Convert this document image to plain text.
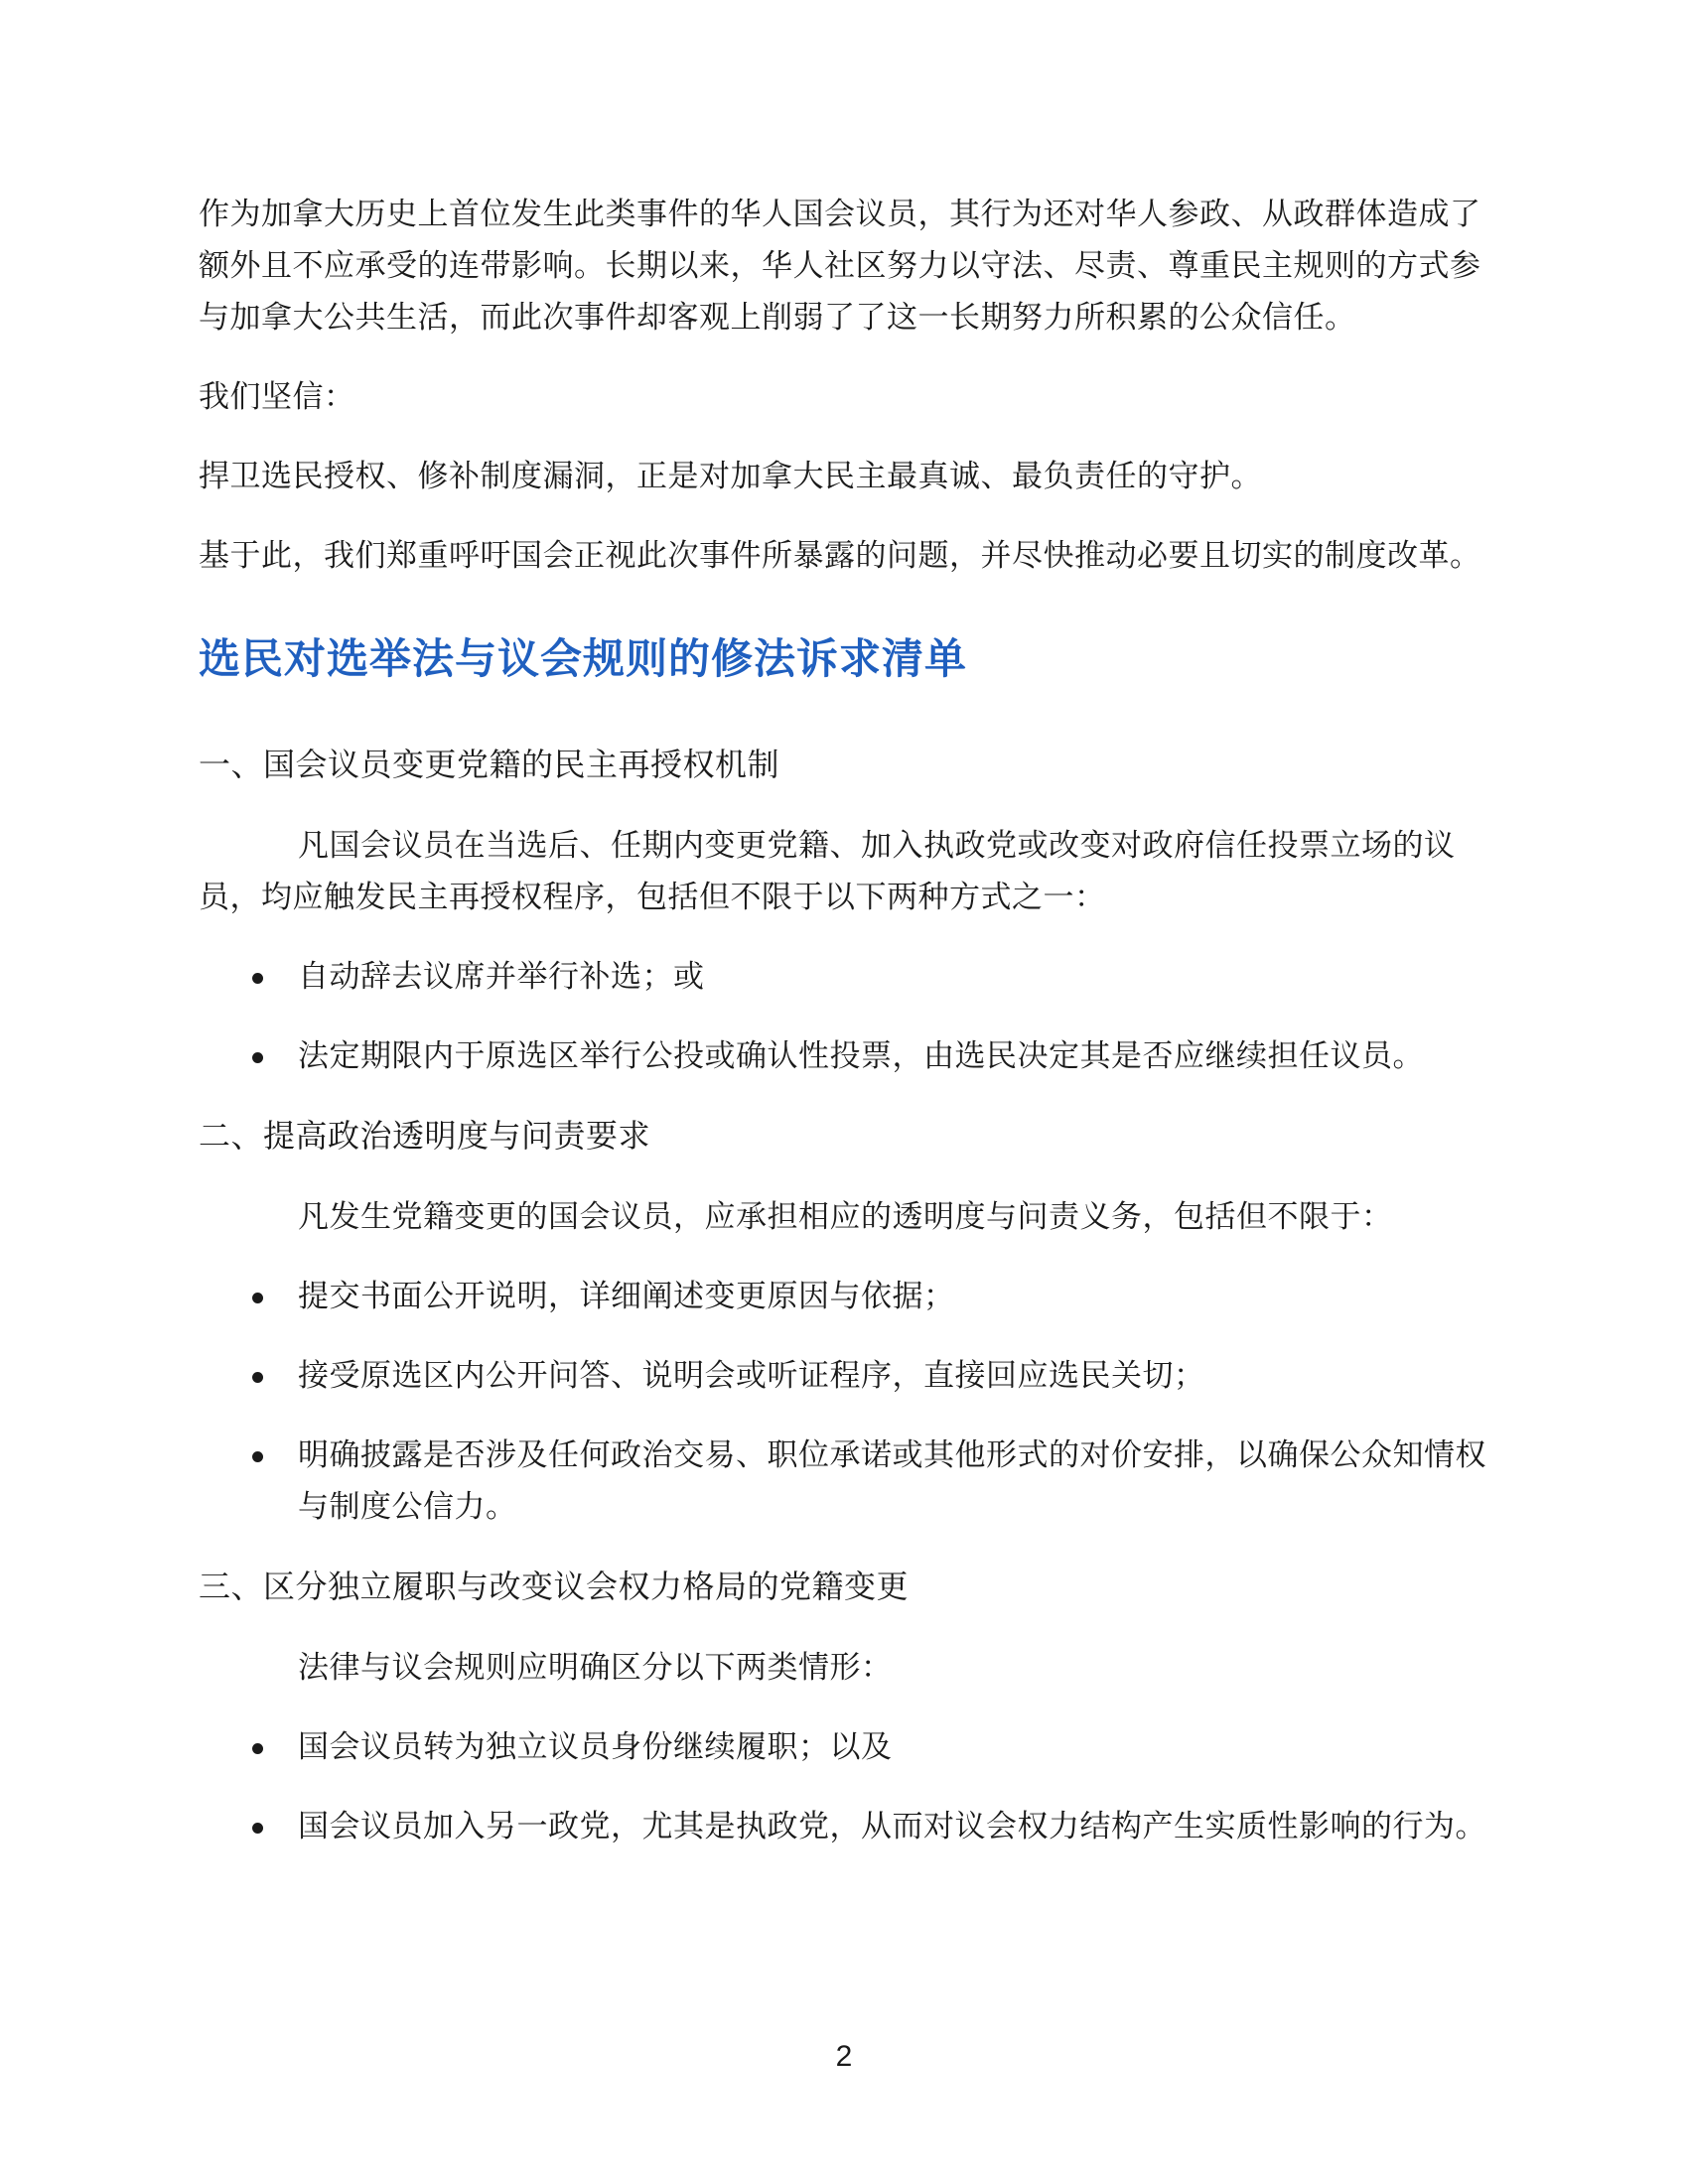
作为加拿大历史上首位发生此类事件的华人国会议员，其行为还对华人参政、从政群体造成了额外且不应承受的连带影响。长期以来，华人社区努力以守法、尽责、尊重民主规则的方式参与加拿大公共生活，而此次事件却客观上削弱了了这一长期努力所积累的公众信任。

我们坚信：

捍卫选民授权、修补制度漏洞，正是对加拿大民主最真诚、最负责任的守护。

基于此，我们郑重呼吁国会正视此次事件所暴露的问题，并尽快推动必要且切实的制度改革。

选民对选举法与议会规则的修法诉求清单
一、国会议员变更党籍的民主再授权机制

凡国会议员在当选后、任期内变更党籍、加入执政党或改变对政府信任投票立场的议员，均应触发民主再授权程序，包括但不限于以下两种方式之一：

自动辞去议席并举行补选；或
法定期限内于原选区举行公投或确认性投票，由选民决定其是否应继续担任议员。
二、提高政治透明度与问责要求

凡发生党籍变更的国会议员，应承担相应的透明度与问责义务，包括但不限于：

提交书面公开说明，详细阐述变更原因与依据；
接受原选区内公开问答、说明会或听证程序，直接回应选民关切；
明确披露是否涉及任何政治交易、职位承诺或其他形式的对价安排，以确保公众知情权与制度公信力。
三、区分独立履职与改变议会权力格局的党籍变更

法律与议会规则应明确区分以下两类情形：

国会议员转为独立议员身份继续履职；以及
国会议员加入另一政党，尤其是执政党，从而对议会权力结构产生实质性影响的行为。
2
